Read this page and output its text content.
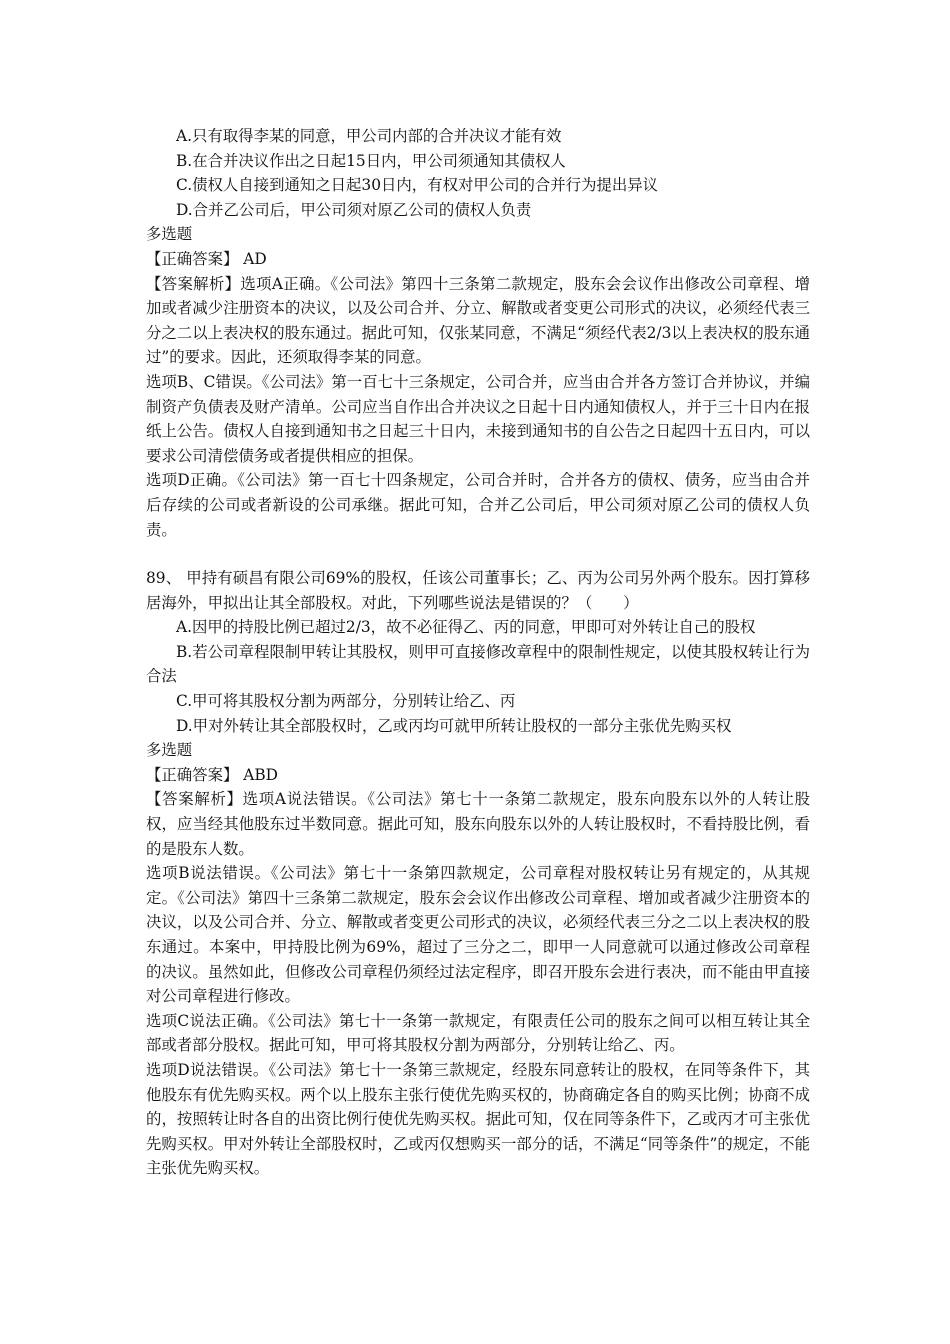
A.只有取得李某的同意，甲公司内部的合并决议才能有效
B.在合并决议作出之日起15日内，甲公司须通知其债权人
C.债权人自接到通知之日起30日内，有权对甲公司的合并行为提出异议
D.合并乙公司后，甲公司须对原乙公司的债权人负责
多选题
【正确答案】 AD
【答案解析】选项A正确。《公司法》第四十三条第二款规定，股东会会议作出修改公司章程、增加或者减少注册资本的决议，以及公司合并、分立、解散或者变更公司形式的决议，必须经代表三分之二以上表决权的股东通过。据此可知，仅张某同意，不满足“须经代表2/3以上表决权的股东通过”的要求。因此，还须取得李某的同意。
选项B、C错误。《公司法》第一百七十三条规定，公司合并，应当由合并各方签订合并协议，并编制资产负债表及财产清单。公司应当自作出合并决议之日起十日内通知债权人，并于三十日内在报纸上公告。债权人自接到通知书之日起三十日内，未接到通知书的自公告之日起四十五日内，可以要求公司清偿债务或者提供相应的担保。
选项D正确。《公司法》第一百七十四条规定，公司合并时，合并各方的债权、债务，应当由合并后存续的公司或者新设的公司承继。据此可知，合并乙公司后，甲公司须对原乙公司的债权人负责。
89、 甲持有硕昌有限公司69%的股权，任该公司董事长；乙、丙为公司另外两个股东。因打算移居海外，甲拟出让其全部股权。对此，下列哪些说法是错误的？（　　）
A.因甲的持股比例已超过2/3，故不必征得乙、丙的同意，甲即可对外转让自己的股权
B.若公司章程限制甲转让其股权，则甲可直接修改章程中的限制性规定，以使其股权转让行为合法
C.甲可将其股权分割为两部分，分别转让给乙、丙
D.甲对外转让其全部股权时，乙或丙均可就甲所转让股权的一部分主张优先购买权
多选题
【正确答案】 ABD
【答案解析】选项A说法错误。《公司法》第七十一条第二款规定，股东向股东以外的人转让股权，应当经其他股东过半数同意。据此可知，股东向股东以外的人转让股权时，不看持股比例，看的是股东人数。
选项B说法错误。《公司法》第七十一条第四款规定，公司章程对股权转让另有规定的，从其规定。《公司法》第四十三条第二款规定，股东会会议作出修改公司章程、增加或者减少注册资本的决议，以及公司合并、分立、解散或者变更公司形式的决议，必须经代表三分之二以上表决权的股东通过。本案中，甲持股比例为69%，超过了三分之二，即甲一人同意就可以通过修改公司章程的决议。虽然如此，但修改公司章程仍须经过法定程序，即召开股东会进行表决，而不能由甲直接对公司章程进行修改。
选项C说法正确。《公司法》第七十一条第一款规定，有限责任公司的股东之间可以相互转让其全部或者部分股权。据此可知，甲可将其股权分割为两部分，分别转让给乙、丙。
选项D说法错误。《公司法》第七十一条第三款规定，经股东同意转让的股权，在同等条件下，其他股东有优先购买权。两个以上股东主张行使优先购买权的，协商确定各自的购买比例；协商不成的，按照转让时各自的出资比例行使优先购买权。据此可知，仅在同等条件下，乙或丙才可主张优先购买权。甲对外转让全部股权时，乙或丙仅想购买一部分的话，不满足“同等条件”的规定，不能主张优先购买权。
